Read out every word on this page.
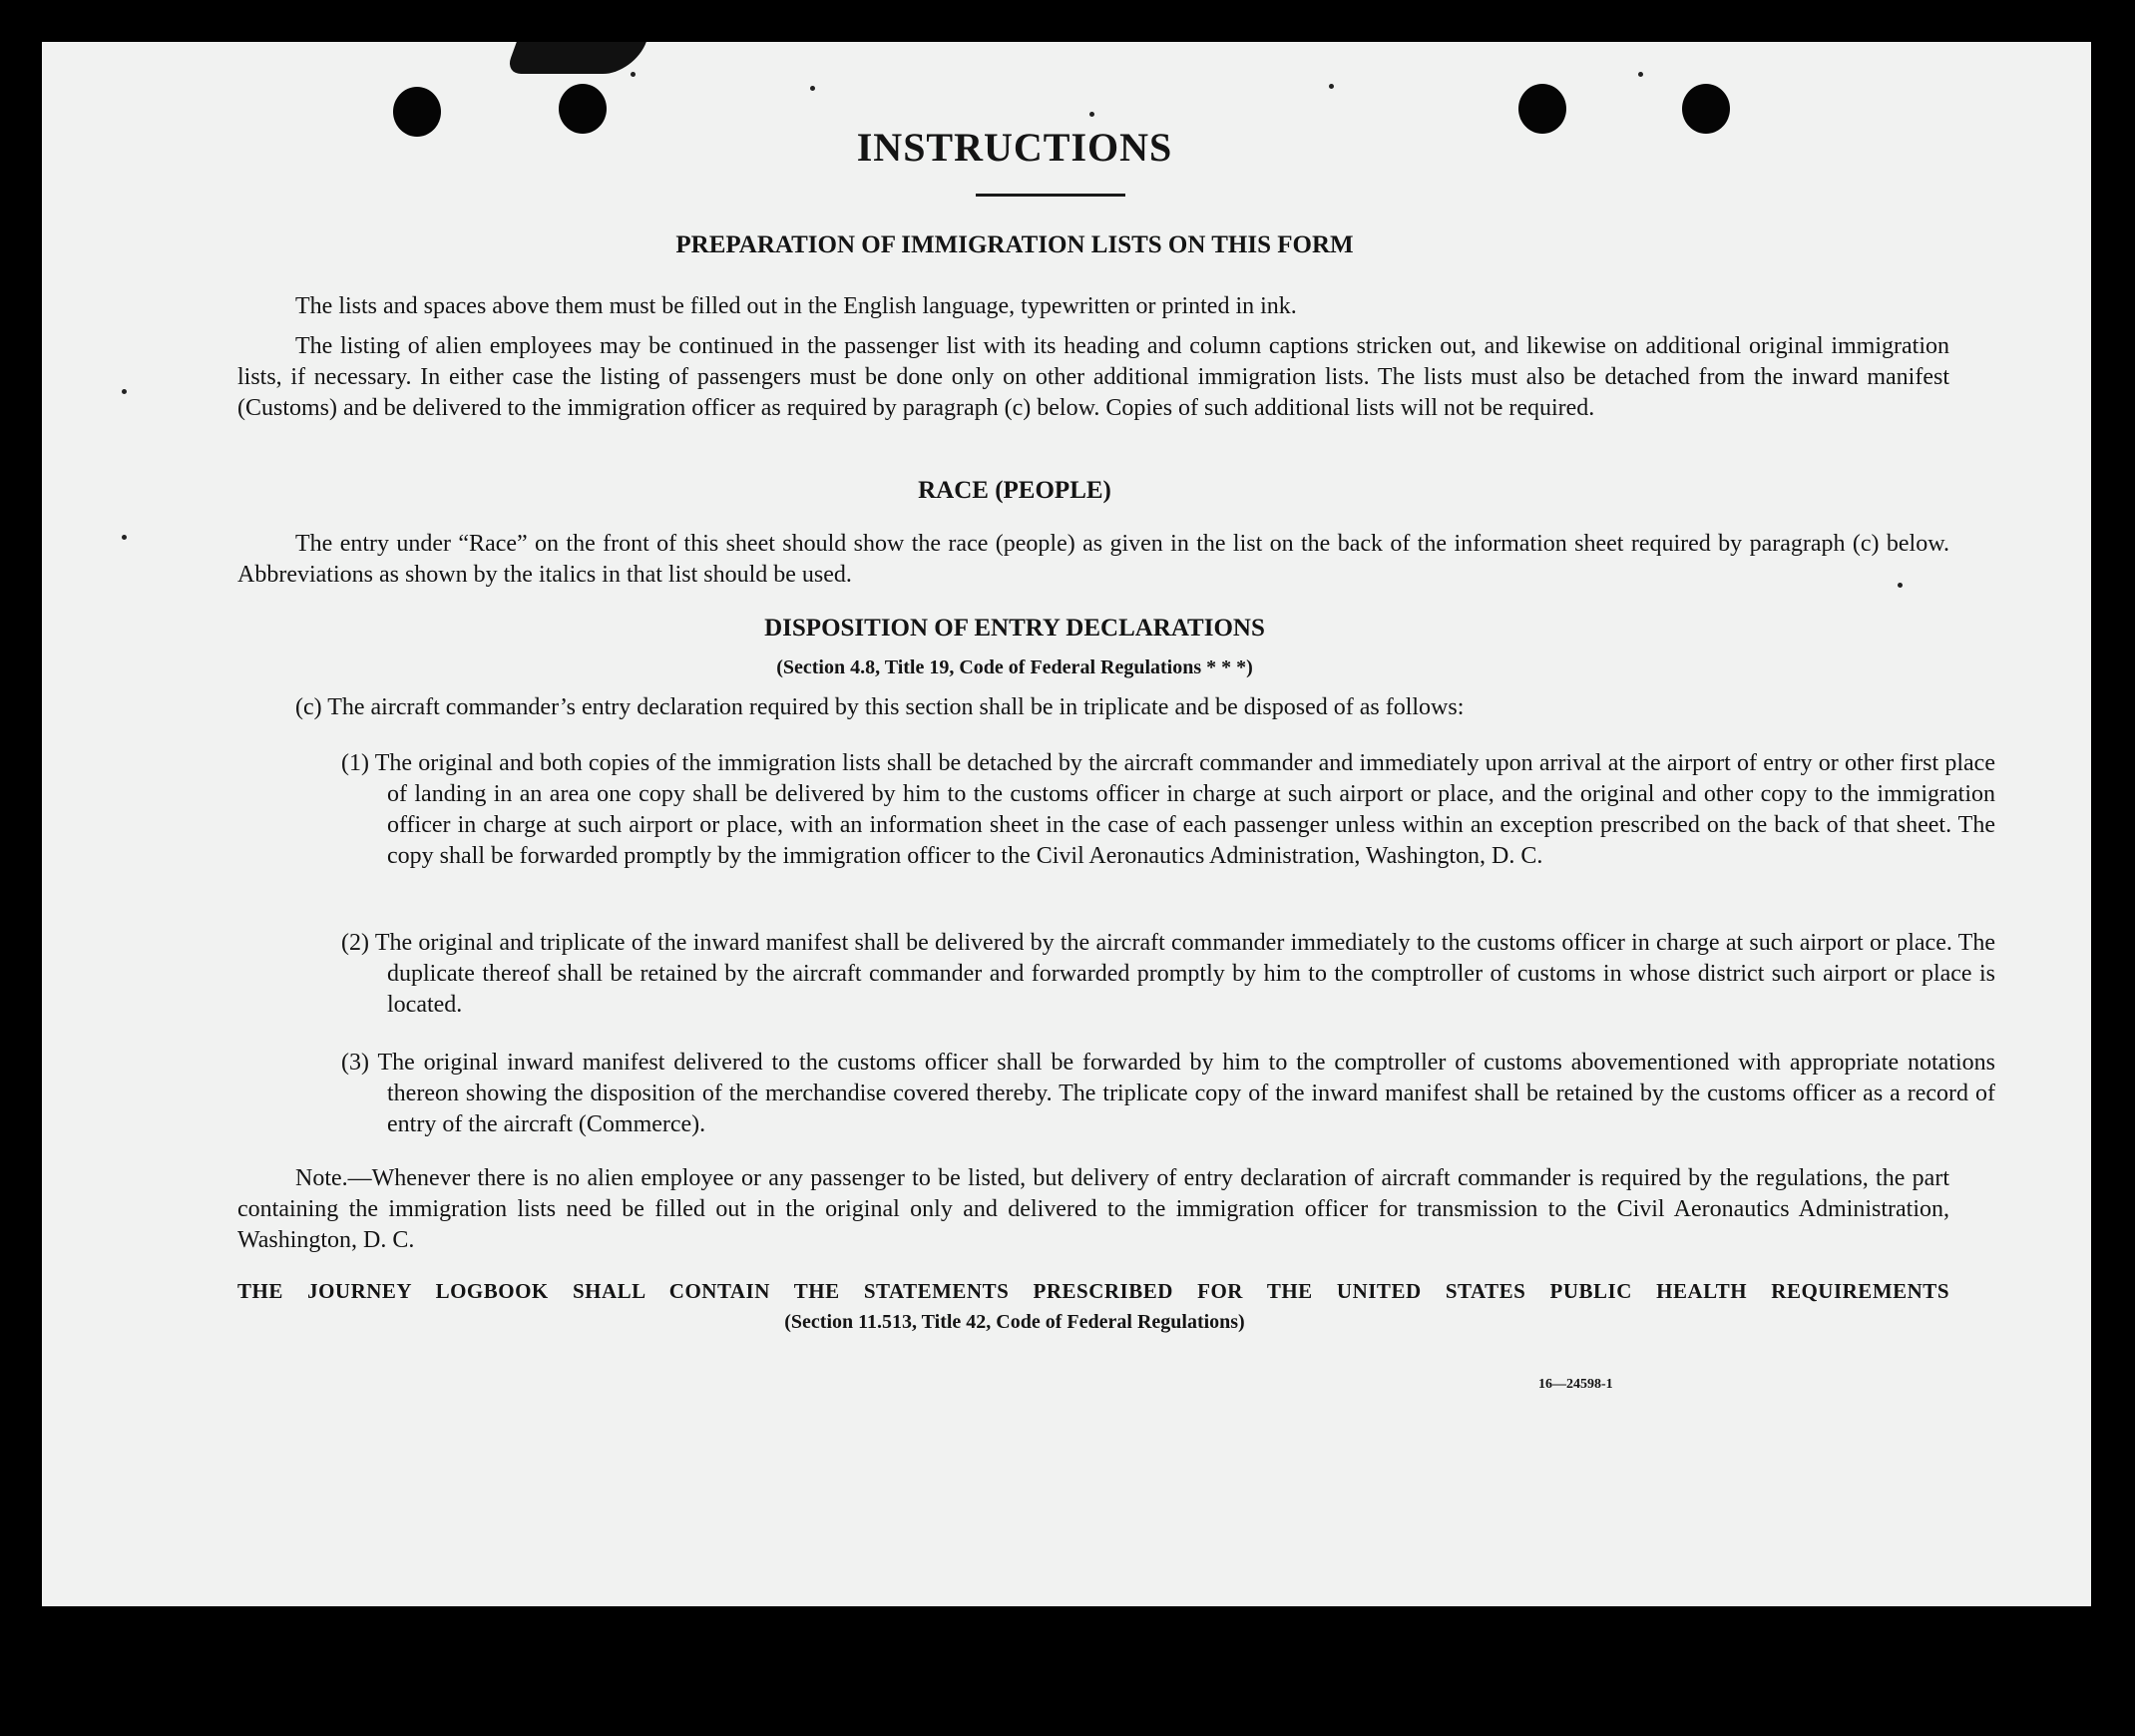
INSTRUCTIONS
PREPARATION OF IMMIGRATION LISTS ON THIS FORM

The lists and spaces above them must be filled out in the English language, typewritten or printed in ink.

The listing of alien employees may be continued in the passenger list with its heading and column captions stricken out, and likewise on additional original immigration lists, if necessary. In either case the listing of passengers must be done only on other additional immigration lists. The lists must also be detached from the inward manifest (Customs) and be delivered to the immigration officer as required by paragraph (c) below. Copies of such additional lists will not be required.

RACE (PEOPLE)

The entry under “Race” on the front of this sheet should show the race (people) as given in the list on the back of the information sheet required by paragraph (c) below. Abbreviations as shown by the italics in that list should be used.

DISPOSITION OF ENTRY DECLARATIONS

(Section 4.8, Title 19, Code of Federal Regulations * * *)

(c) The aircraft commander’s entry declaration required by this section shall be in triplicate and be disposed of as follows:

(1) The original and both copies of the immigration lists shall be detached by the aircraft commander and immediately upon arrival at the airport of entry or other first place of landing in an area one copy shall be delivered by him to the customs officer in charge at such airport or place, and the original and other copy to the immigration officer in charge at such airport or place, with an information sheet in the case of each passenger unless within an exception prescribed on the back of that sheet. The copy shall be forwarded promptly by the immigration officer to the Civil Aeronautics Administration, Washington, D. C.

(2) The original and triplicate of the inward manifest shall be delivered by the aircraft commander immediately to the customs officer in charge at such airport or place. The duplicate thereof shall be retained by the aircraft commander and forwarded promptly by him to the comptroller of customs in whose district such airport or place is located.

(3) The original inward manifest delivered to the customs officer shall be forwarded by him to the comptroller of customs abovementioned with appropriate notations thereon showing the disposition of the merchandise covered thereby. The triplicate copy of the inward manifest shall be retained by the customs officer as a record of entry of the aircraft (Commerce).

Note.—Whenever there is no alien employee or any passenger to be listed, but delivery of entry declaration of aircraft commander is required by the regulations, the part containing the immigration lists need be filled out in the original only and delivered to the immigration officer for transmission to the Civil Aeronautics Administration, Washington, D. C.

THE JOURNEY LOGBOOK SHALL CONTAIN THE STATEMENTS PRESCRIBED FOR THE UNITED STATES PUBLIC HEALTH REQUIREMENTS

(Section 11.513, Title 42, Code of Federal Regulations)

16—24598-1
